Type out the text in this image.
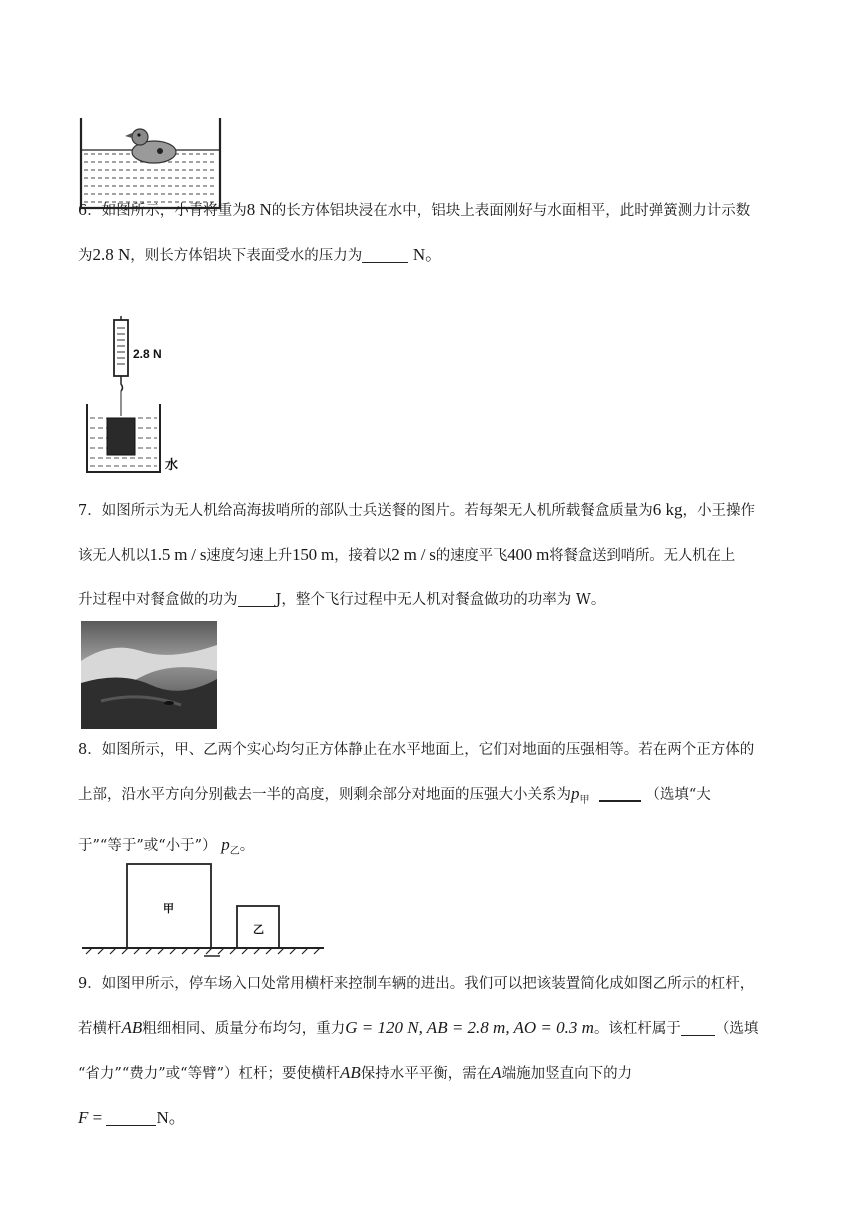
6．如图所示，小青将重为8 N的长方体铝块浸在水中，铝块上表面刚好与水面相平，此时弹簧测力计示数
为2.8 N，则长方体铝块下表面受水的压力为	N。
2.8 N
水
7．如图所示为无人机给高海拔哨所的部队士兵送餐的图片。若每架无人机所载餐盒质量为6 kg，小王操作
该无人机以1.5 m / s速度匀速上升150 m，接着以2 m / s的速度平飞400 m将餐盒送到哨所。无人机在上
升过程中对餐盒做的功为	J，整个飞行过程中无人机对餐盒做功的功率为 W。
8．如图所示，甲、乙两个实心均匀正方体静止在水平地面上，它们对地面的压强相等。若在两个正方体的
上部，沿水平方向分别截去一半的高度，则剩余部分对地面的压强大小关系为$p_甲$	（选填“大
于”“等于”或“小于”） $p_乙$。
甲
乙
9．如图甲所示，停车场入口处常用横杆来控制车辆的进出。我们可以把该装置简化成如图乙所示的杠杆，
若横杆AB粗细相同、质量分布均匀，重力G = 120 N, AB = 2.8 m, AO = 0.3 m。该杠杆属于 （选填
“省力”“费力”或“等臂”）杠杆；要使横杆AB保持水平平衡，需在A端施加竖直向下的力
F =	N。
